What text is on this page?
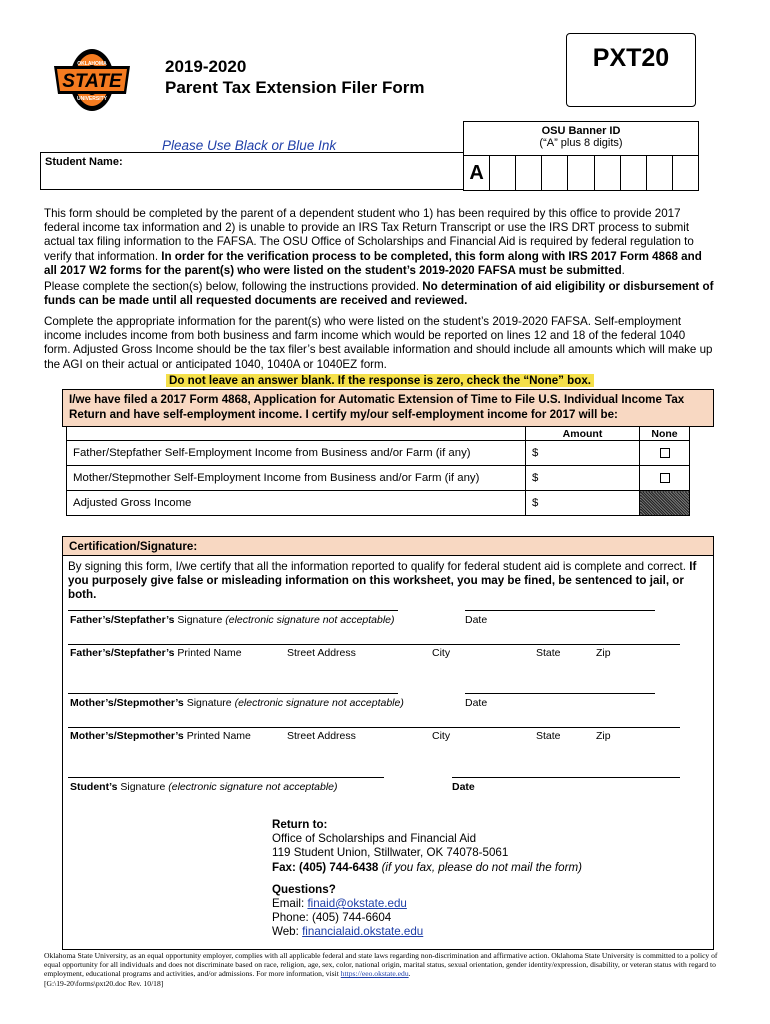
PXT20
OKLAHOMA
STATE
UNIVERSITY
2019-2020
Parent Tax Extension Filer Form
Please Use Black or Blue Ink
OSU Banner ID
(“A” plus 8 digits)
A
Student Name:
This form should be completed by the parent of a dependent student who 1) has been required by this office to provide 2017 federal income tax information and 2) is unable to provide an IRS Tax Return Transcript or use the IRS DRT process to submit actual tax filing information to the FAFSA. The OSU Office of Scholarships and Financial Aid is required by federal regulation to verify that information. In order for the verification process to be completed, this form along with IRS 2017 Form 4868 and all 2017 W2 forms for the parent(s) who were listed on the student’s 2019-2020 FAFSA must be submitted.
Please complete the section(s) below, following the instructions provided. No determination of aid eligibility or disbursement of funds can be made until all requested documents are received and reviewed.
Complete the appropriate information for the parent(s) who were listed on the student’s 2019-2020 FAFSA. Self-employment income includes income from both business and farm income which would be reported on lines 12 and 18 of the federal 1040 form. Adjusted Gross Income should be the tax filer’s best available information and should include all amounts which will make up the AGI on their actual or anticipated 1040, 1040A or 1040EZ form.
Do not leave an answer blank. If the response is zero, check the “None” box.
I/we have filed a 2017 Form 4868, Application for Automatic Extension of Time to File U.S. Individual Income Tax Return and have self-employment income. I certify my/our self-employment income for 2017 will be:
	Amount	None
Father/Stepfather Self-Employment Income from Business and/or Farm (if any)	$	
Mother/Stepmother Self-Employment Income from Business and/or Farm (if any)	$	
Adjusted Gross Income	$	
Certification/Signature:
By signing this form, I/we certify that all the information reported to qualify for federal student aid is complete and correct. If you purposely give false or misleading information on this worksheet, you may be fined, be sentenced to jail, or both.
Father’s/Stepfather’s Signature (electronic signature not acceptable)	Date
Father’s/Stepfather’s Printed Name	Street Address	City	State	Zip
Mother’s/Stepmother’s Signature (electronic signature not acceptable)	Date
Mother’s/Stepmother’s Printed Name	Street Address	City	State	Zip
Student’s Signature (electronic signature not acceptable)	Date
Return to:
Office of Scholarships and Financial Aid
119 Student Union, Stillwater, OK 74078-5061
Fax: (405) 744-6438 (if you fax, please do not mail the form)
Questions?
Email: finaid@okstate.edu
Phone: (405) 744-6604
Web: financialaid.okstate.edu
Oklahoma State University, as an equal opportunity employer, complies with all applicable federal and state laws regarding non-discrimination and affirmative action. Oklahoma State University is committed to a policy of equal opportunity for all individuals and does not discriminate based on race, religion, age, sex, color, national origin, marital status, sexual orientation, gender identity/expression, disability, or veteran status with regard to employment, educational programs and activities, and/or admissions. For more information, visit https://eeo.okstate.edu.
[G:\19-20\forms\pxt20.doc Rev. 10/18]
